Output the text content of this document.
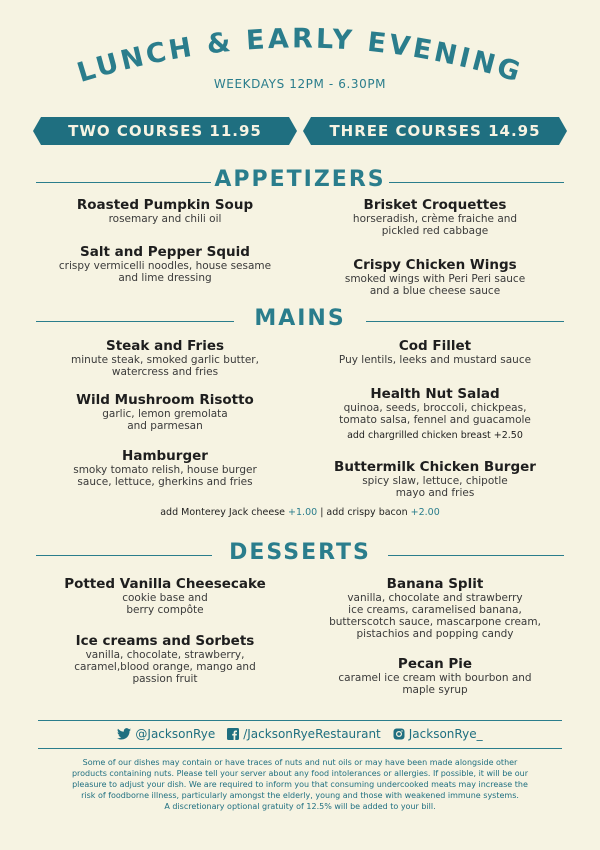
LUNCH & EARLY EVENING
WEEKDAYS 12PM - 6.30PM
TWO COURSES 11.95	THREE COURSES 14.95
APPETIZERS
Roasted Pumpkin Soup
rosemary and chili oil
Salt and Pepper Squid
crispy vermicelli noodles, house sesame
and lime dressing
Brisket Croquettes
horseradish, crème fraiche and
pickled red cabbage
Crispy Chicken Wings
smoked wings with Peri Peri sauce
and a blue cheese sauce
MAINS
Steak and Fries
minute steak, smoked garlic butter,
watercress and fries
Wild Mushroom Risotto
garlic, lemon gremolata
and parmesan
Hamburger
smoky tomato relish, house burger
sauce, lettuce, gherkins and fries
Cod Fillet
Puy lentils, leeks and mustard sauce
Health Nut Salad
quinoa, seeds, broccoli, chickpeas,
tomato salsa, fennel and guacamole
add chargrilled chicken breast +2.50
Buttermilk Chicken Burger
spicy slaw, lettuce, chipotle
mayo and fries
add Monterey Jack cheese +1.00 | add crispy bacon +2.00
DESSERTS
Potted Vanilla Cheesecake
cookie base and
berry compôte
Ice creams and Sorbets
vanilla, chocolate, strawberry,
caramel,blood orange, mango and
passion fruit
Banana Split
vanilla, chocolate and strawberry
ice creams, caramelised banana,
butterscotch sauce, mascarpone cream,
pistachios and popping candy
Pecan Pie
caramel ice cream with bourbon and
maple syrup
@JacksonRye /JacksonRyeRestaurant JacksonRye_
Some of our dishes may contain or have traces of nuts and nut oils or may have been made alongside other
products containing nuts. Please tell your server about any food intolerances or allergies. If possible, it will be our
pleasure to adjust your dish. We are required to inform you that consuming undercooked meats may increase the
risk of foodborne illness, particularly amongst the elderly, young and those with weakened immune systems.
A discretionary optional gratuity of 12.5% will be added to your bill.
